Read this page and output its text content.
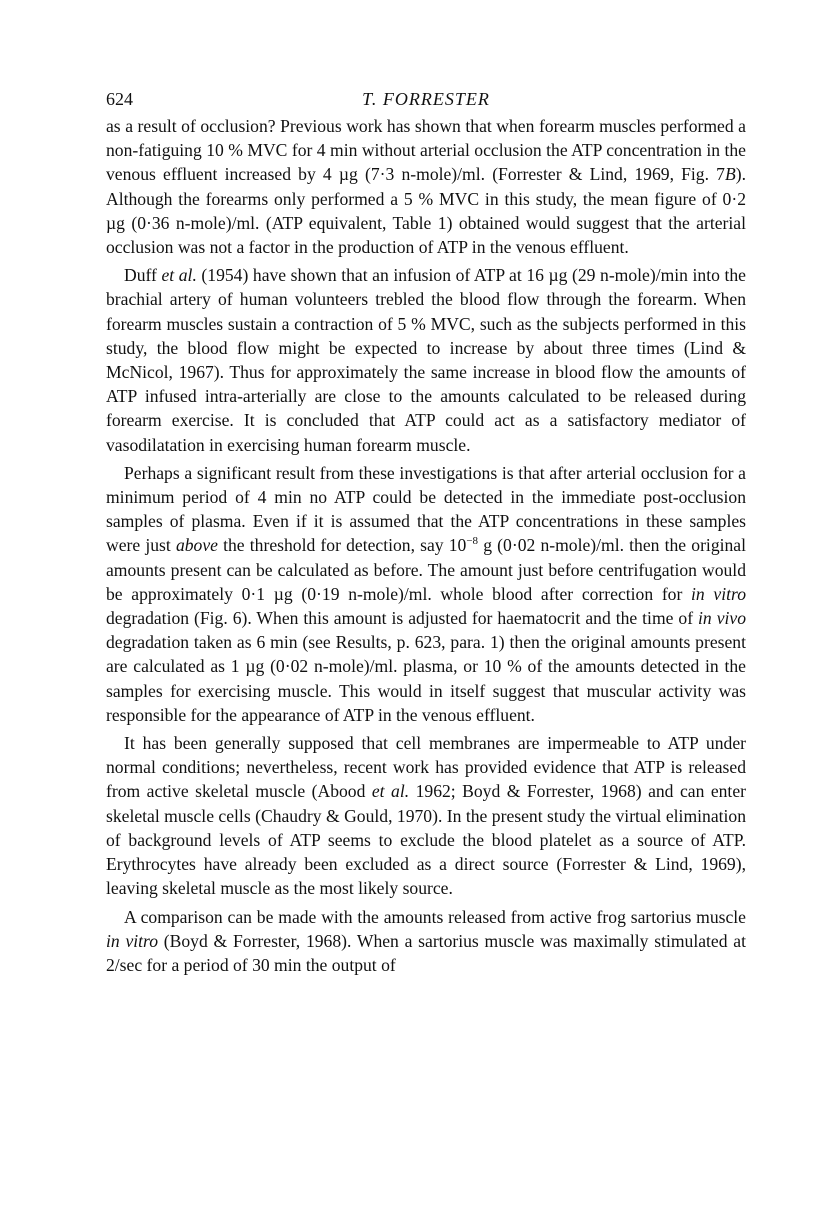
624	T. FORRESTER

as a result of occlusion? Previous work has shown that when forearm muscles performed a non-fatiguing 10 % MVC for 4 min without arterial occlusion the ATP concentration in the venous effluent increased by 4 µg (7·3 n-mole)/ml. (Forrester & Lind, 1969, Fig. 7B). Although the forearms only performed a 5 % MVC in this study, the mean figure of 0·2 µg (0·36 n-mole)/ml. (ATP equivalent, Table 1) obtained would suggest that the arterial occlusion was not a factor in the production of ATP in the venous effluent.

Duff et al. (1954) have shown that an infusion of ATP at 16 µg (29 n-mole)/min into the brachial artery of human volunteers trebled the blood flow through the forearm. When forearm muscles sustain a contraction of 5 % MVC, such as the subjects performed in this study, the blood flow might be expected to increase by about three times (Lind & McNicol, 1967). Thus for approximately the same increase in blood flow the amounts of ATP infused intra-arterially are close to the amounts calculated to be released during forearm exercise. It is concluded that ATP could act as a satisfactory mediator of vasodilatation in exercising human forearm muscle.

Perhaps a significant result from these investigations is that after arterial occlusion for a minimum period of 4 min no ATP could be detected in the immediate post-occlusion samples of plasma. Even if it is assumed that the ATP concentrations in these samples were just above the threshold for detection, say $10^{-8}$ g (0·02 n-mole)/ml. then the original amounts present can be calculated as before. The amount just before centrifugation would be approximately 0·1 µg (0·19 n-mole)/ml. whole blood after correction for in vitro degradation (Fig. 6). When this amount is adjusted for haematocrit and the time of in vivo degradation taken as 6 min (see Results, p. 623, para. 1) then the original amounts present are calculated as 1 µg (0·02 n-mole)/ml. plasma, or 10 % of the amounts detected in the samples for exercising muscle. This would in itself suggest that muscular activity was responsible for the appearance of ATP in the venous effluent.

It has been generally supposed that cell membranes are impermeable to ATP under normal conditions; nevertheless, recent work has provided evidence that ATP is released from active skeletal muscle (Abood et al. 1962; Boyd & Forrester, 1968) and can enter skeletal muscle cells (Chaudry & Gould, 1970). In the present study the virtual elimination of background levels of ATP seems to exclude the blood platelet as a source of ATP. Erythrocytes have already been excluded as a direct source (Forrester & Lind, 1969), leaving skeletal muscle as the most likely source.

A comparison can be made with the amounts released from active frog sartorius muscle in vitro (Boyd & Forrester, 1968). When a sartorius muscle was maximally stimulated at 2/sec for a period of 30 min the output of
